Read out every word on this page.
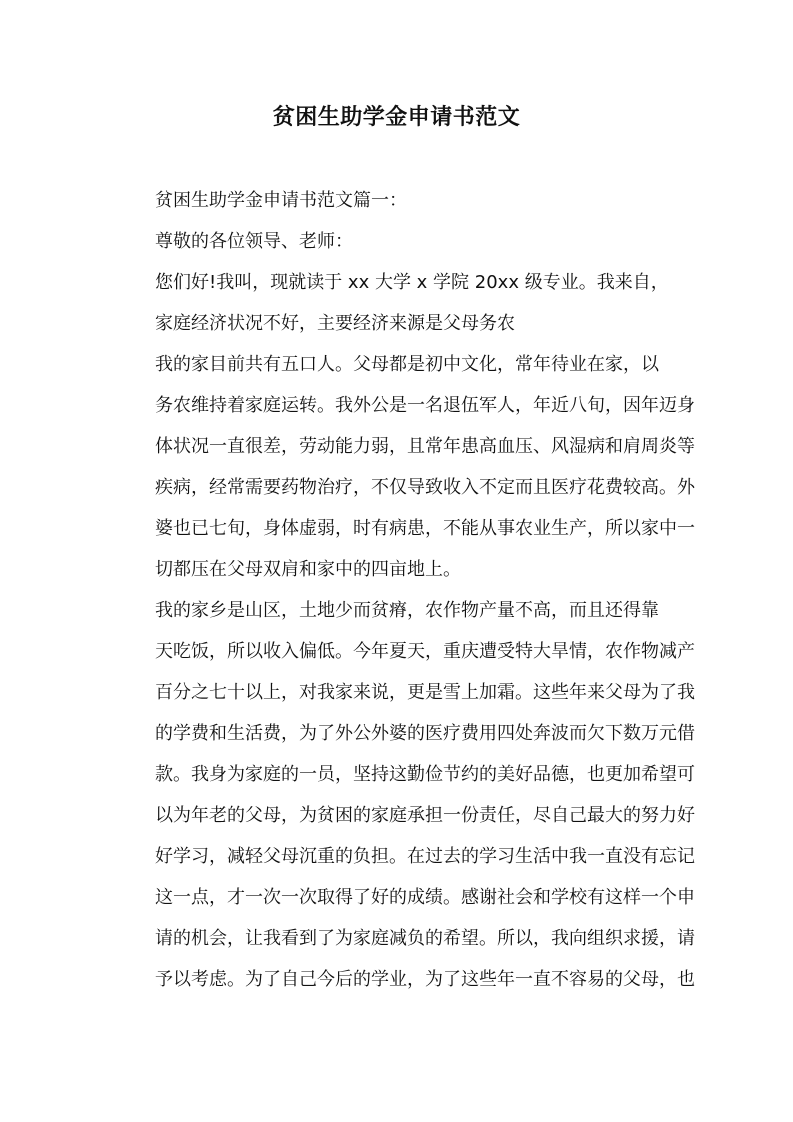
贫困生助学金申请书范文

贫困生助学金申请书范文篇一：

尊敬的各位领导、老师：

您们好!我叫，现就读于 xx 大学 x 学院 20xx 级专业。我来自，
家庭经济状况不好，主要经济来源是父母务农

我的家目前共有五口人。父母都是初中文化，常年待业在家，以
务农维持着家庭运转。我外公是一名退伍军人，年近八旬，因年迈身
体状况一直很差，劳动能力弱，且常年患高血压、风湿病和肩周炎等
疾病，经常需要药物治疗，不仅导致收入不定而且医疗花费较高。外
婆也已七旬，身体虚弱，时有病患，不能从事农业生产，所以家中一
切都压在父母双肩和家中的四亩地上。

我的家乡是山区，土地少而贫瘠，农作物产量不高，而且还得靠
天吃饭，所以收入偏低。今年夏天，重庆遭受特大旱情，农作物减产
百分之七十以上，对我家来说，更是雪上加霜。这些年来父母为了我
的学费和生活费，为了外公外婆的医疗费用四处奔波而欠下数万元借
款。我身为家庭的一员，坚持这勤俭节约的美好品德，也更加希望可
以为年老的父母，为贫困的家庭承担一份责任，尽自己最大的努力好
好学习，减轻父母沉重的负担。在过去的学习生活中我一直没有忘记
这一点，才一次一次取得了好的成绩。感谢社会和学校有这样一个申
请的机会，让我看到了为家庭减负的希望。所以，我向组织求援，请
予以考虑。为了自己今后的学业，为了这些年一直不容易的父母，也
